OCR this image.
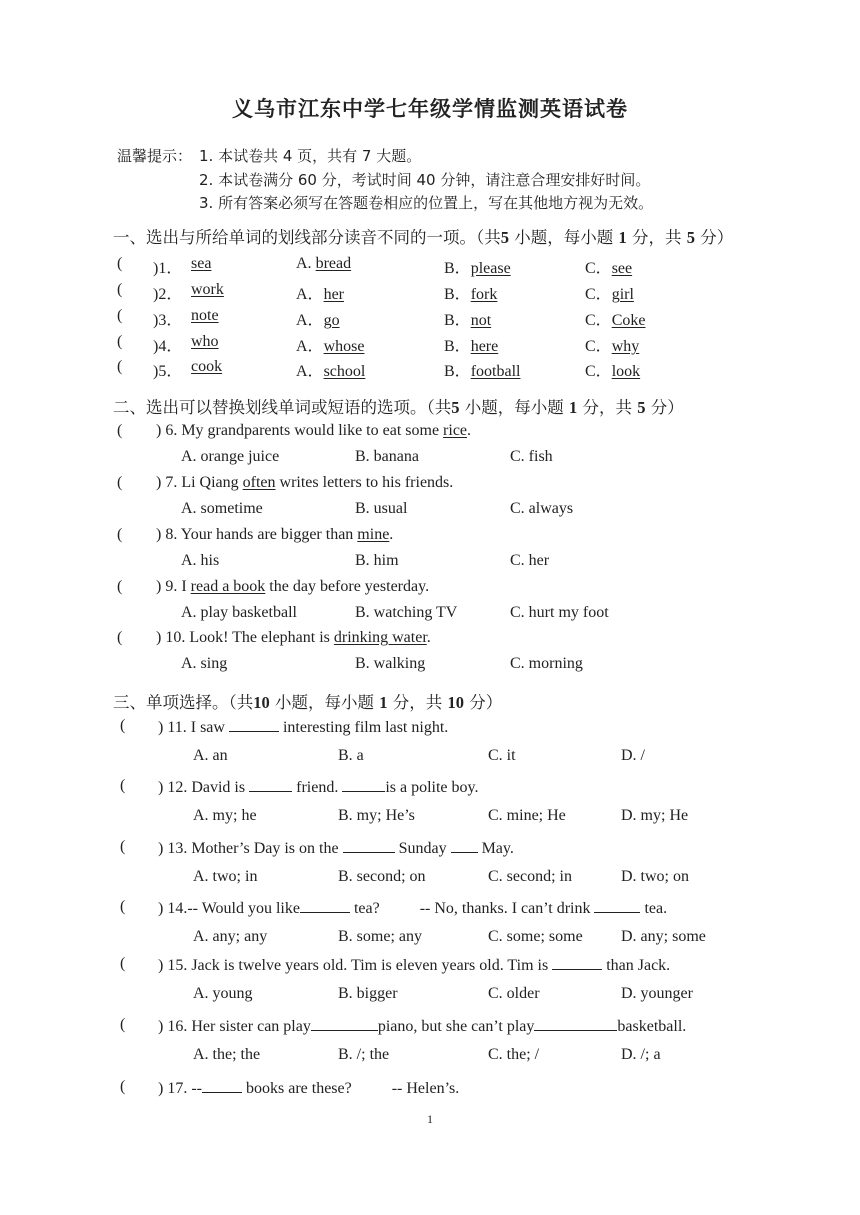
义乌市江东中学七年级学情监测英语试卷
温馨提示： 1. 本试卷共 4 页，共有 7 大题。
2. 本试卷满分 60 分，考试时间 40 分钟，请注意合理安排好时间。
3. 所有答案必须写在答题卷相应的位置上，写在其他地方视为无效。
一、选出与所给单词的划线部分读音不同的一项。（共5 小题，每小题 1 分，共 5 分）
( )1． sea	A. bread	B．please	C．see
( )2． work	A．her	B．fork	C．girl
( )3． note	A．go	B．not	C．Coke
( )4． who	A．whose	B．here	C．why
( )5． cook	A．school	B．football	C．look
二、选出可以替换划线单词或短语的选项。（共5 小题，每小题 1 分，共 5 分）
( ) 6. My grandparents would like to eat some rice.
A. orange juice	B. banana	C. fish
( ) 7. Li Qiang often writes letters to his friends.
A. sometime	B. usual	C. always
( ) 8. Your hands are bigger than mine.
A. his	B. him	C. her
( ) 9. I read a book the day before yesterday.
A. play basketball	B. watching TV	C. hurt my foot
( ) 10. Look! The elephant is drinking water.
A. sing	B. walking	C. morning
三、单项选择。（共10 小题，每小题 1 分，共 10 分）
( ) 11. I saw	interesting film last night.
A. an	B. a	C. it	D. /
( ) 12. David is	friend.	is a polite boy.
A. my; he	B. my; He’s	C. mine; He	D. my; He
( ) 13. Mother’s Day is on the	Sunday  May.
A. two; in	B. second; on	C. second; in	D. two; on
( ) 14.-- Would you like	tea?	-- No, thanks. I can’t drink	tea.
A. any; any	B. some; any	C. some; some D. any; some
( ) 15. Jack is twelve years old. Tim is eleven years old. Tim is	than Jack.
A. young	B. bigger	C. older	D. younger
( ) 16. Her sister can play	piano, but she can’t play	basketball.
A. the; the	B. /; the	C. the; /	D. /; a
( ) 17. --	books are these?	-- Helen’s.
1
